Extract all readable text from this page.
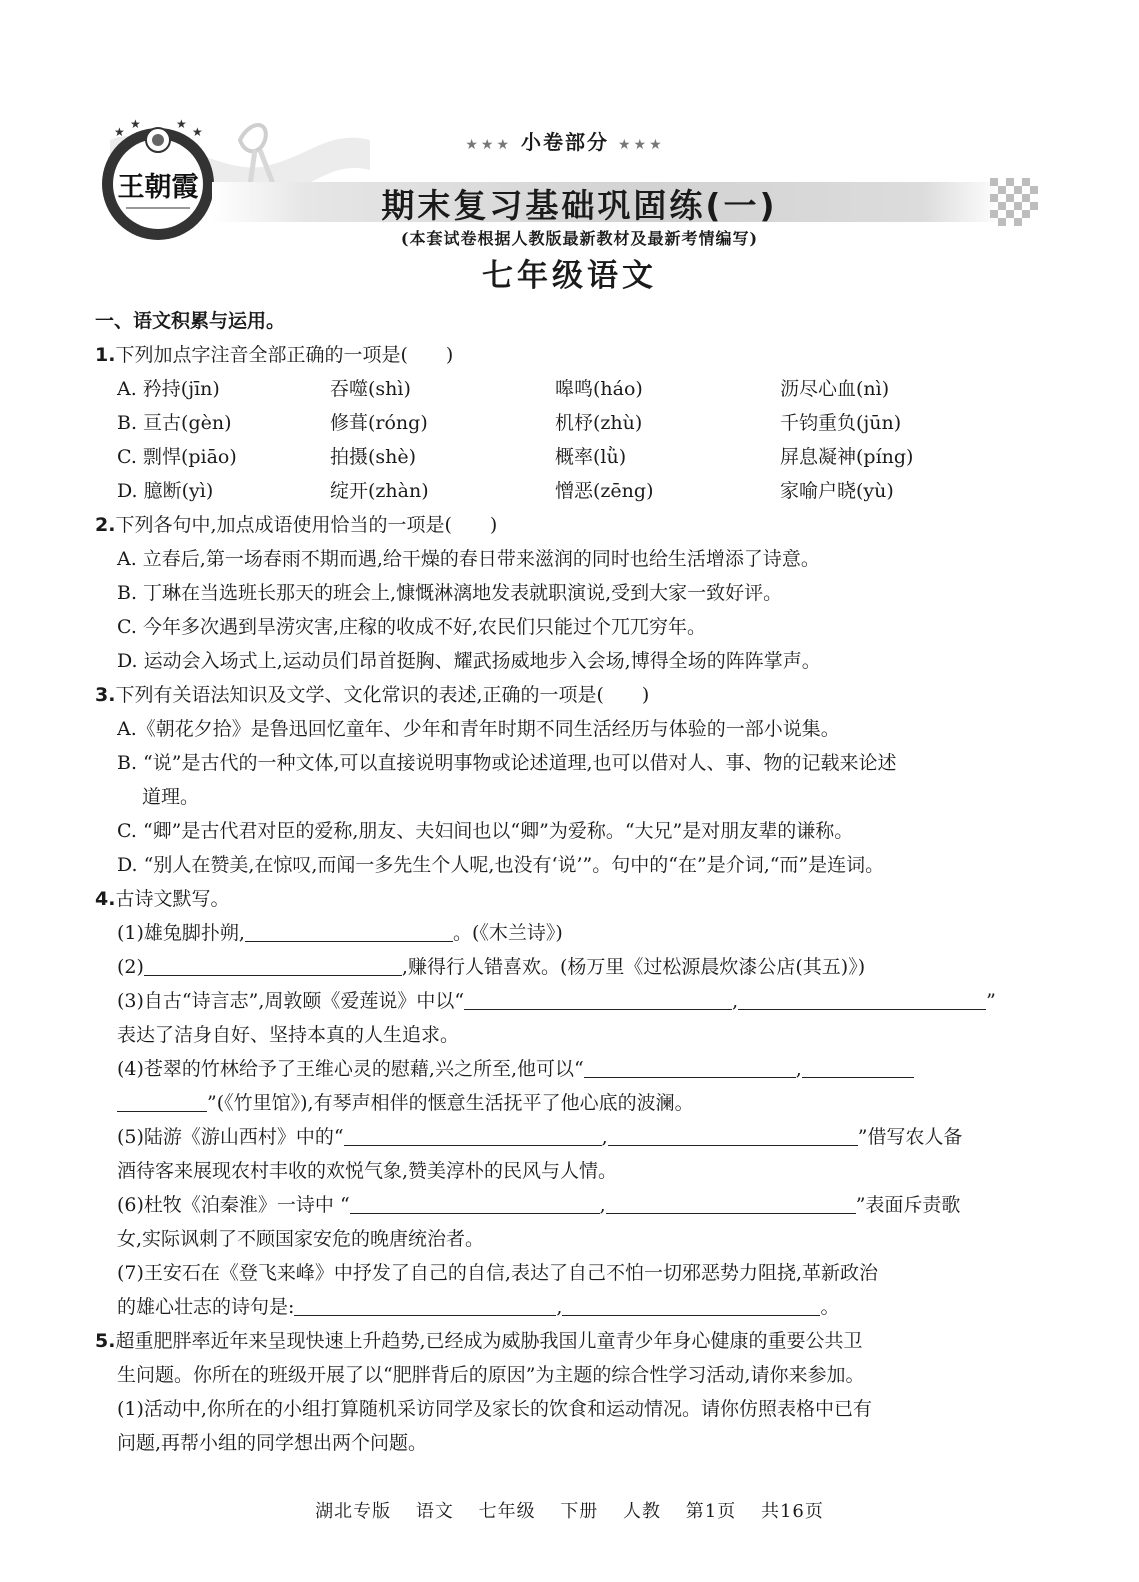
★
★	★
★
王朝霞
★★★ 小卷部分 ★★★
期末复习基础巩固练(一)
(本套试卷根据人教版最新教材及最新考情编写)
七年级语文
一、语文积累与运用。
1.下列加点字注音全部正确的一项是(　　)
A. 矜持(jīn)	吞噬(shì)	嗥鸣(háo)	沥尽心血(nì)
B. 亘古(gèn)	修葺(róng)	机杼(zhù)	千钧重负(jūn)
C. 剽悍(piāo)	拍摄(shè)	概率(lǜ)	屏息凝神(píng)
D. 臆断(yì)	绽开(zhàn)	憎恶(zēng)	家喻户晓(yù)
2.下列各句中,加点成语使用恰当的一项是(　　)
A. 立春后,第一场春雨不期而遇,给干燥的春日带来滋润的同时也给生活增添了诗意。
B. 丁琳在当选班长那天的班会上,慷慨淋漓地发表就职演说,受到大家一致好评。
C. 今年多次遇到旱涝灾害,庄稼的收成不好,农民们只能过个兀兀穷年。
D. 运动会入场式上,运动员们昂首挺胸、耀武扬威地步入会场,博得全场的阵阵掌声。
3.下列有关语法知识及文学、文化常识的表述,正确的一项是(　　)
A.《朝花夕拾》是鲁迅回忆童年、少年和青年时期不同生活经历与体验的一部小说集。
B. “说”是古代的一种文体,可以直接说明事物或论述道理,也可以借对人、事、物的记载来论述
道理。
C. “卿”是古代君对臣的爱称,朋友、夫妇间也以“卿”为爱称。“大兄”是对朋友辈的谦称。
D. “别人在赞美,在惊叹,而闻一多先生个人呢,也没有‘说’”。句中的“在”是介词,“而”是连词。
4.古诗文默写。
(1)雄兔脚扑朔,	。(《木兰诗》)
(2)	,赚得行人错喜欢。(杨万里《过松源晨炊漆公店(其五)》)
(3)自古“诗言志”,周敦颐《爱莲说》中以“	,	”
表达了洁身自好、坚持本真的人生追求。
(4)苍翠的竹林给予了王维心灵的慰藉,兴之所至,他可以“	,
”(《竹里馆》),有琴声相伴的惬意生活抚平了他心底的波澜。
(5)陆游《游山西村》中的“	,	”借写农人备
酒待客来展现农村丰收的欢悦气象,赞美淳朴的民风与人情。
(6)杜牧《泊秦淮》一诗中 “	,	”表面斥责歌
女,实际讽刺了不顾国家安危的晚唐统治者。
(7)王安石在《登飞来峰》中抒发了自己的自信,表达了自己不怕一切邪恶势力阻挠,革新政治
的雄心壮志的诗句是:	,	。
5.超重肥胖率近年来呈现快速上升趋势,已经成为威胁我国儿童青少年身心健康的重要公共卫
生问题。你所在的班级开展了以“肥胖背后的原因”为主题的综合性学习活动,请你来参加。
(1)活动中,你所在的小组打算随机采访同学及家长的饮食和运动情况。请你仿照表格中已有
问题,再帮小组的同学想出两个问题。
湖北专版 语文 七年级 下册 人教 第1页 共16页
